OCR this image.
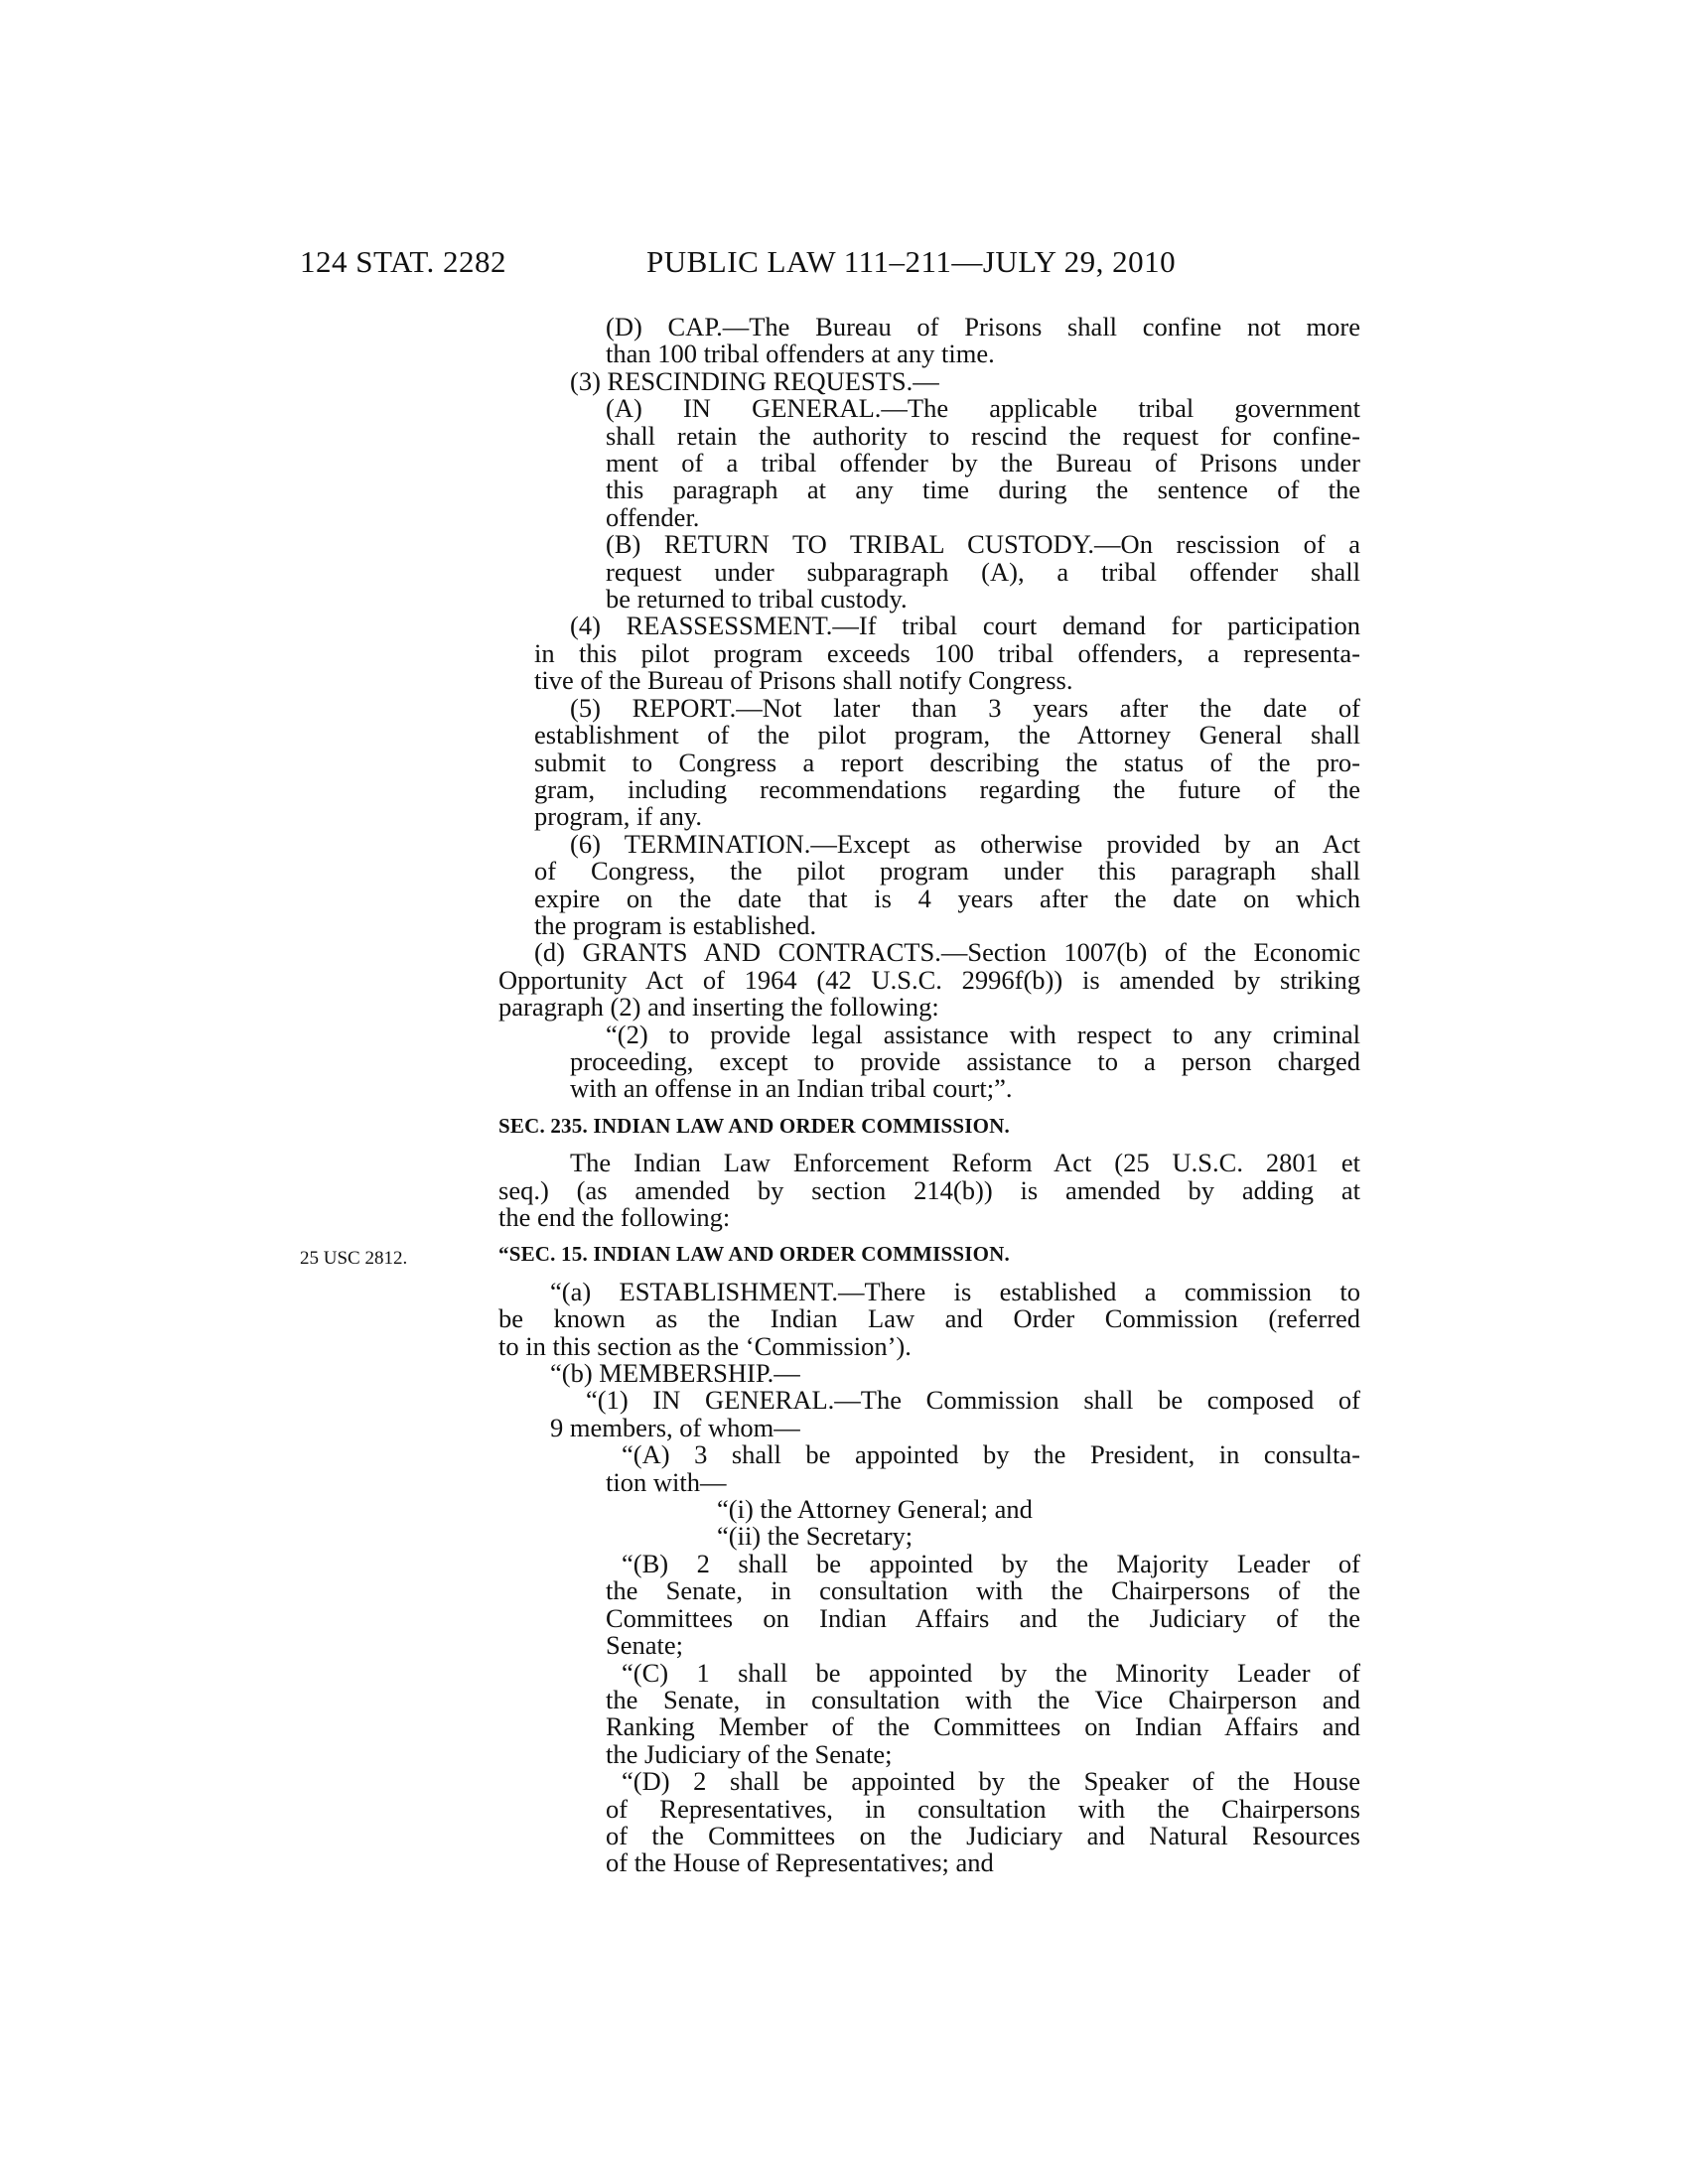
124 STAT. 2282	PUBLIC LAW 111–211—JULY 29, 2010
25 USC 2812.
(D) CAP.—The Bureau of Prisons shall confine not more
than 100 tribal offenders at any time.
(3) RESCINDING REQUESTS.—
(A) IN GENERAL.—The applicable tribal government
shall retain the authority to rescind the request for confine-
ment of a tribal offender by the Bureau of Prisons under
this paragraph at any time during the sentence of the
offender.
(B) RETURN TO TRIBAL CUSTODY.—On rescission of a
request under subparagraph (A), a tribal offender shall
be returned to tribal custody.
(4) REASSESSMENT.—If tribal court demand for participation
in this pilot program exceeds 100 tribal offenders, a representa-
tive of the Bureau of Prisons shall notify Congress.
(5) REPORT.—Not later than 3 years after the date of
establishment of the pilot program, the Attorney General shall
submit to Congress a report describing the status of the pro-
gram, including recommendations regarding the future of the
program, if any.
(6) TERMINATION.—Except as otherwise provided by an Act
of Congress, the pilot program under this paragraph shall
expire on the date that is 4 years after the date on which
the program is established.
(d) GRANTS AND CONTRACTS.—Section 1007(b) of the Economic
Opportunity Act of 1964 (42 U.S.C. 2996f(b)) is amended by striking
paragraph (2) and inserting the following:
“(2) to provide legal assistance with respect to any criminal
proceeding, except to provide assistance to a person charged
with an offense in an Indian tribal court;”.
SEC. 235. INDIAN LAW AND ORDER COMMISSION.
The Indian Law Enforcement Reform Act (25 U.S.C. 2801 et
seq.) (as amended by section 214(b)) is amended by adding at
the end the following:
“SEC. 15. INDIAN LAW AND ORDER COMMISSION.
“(a) ESTABLISHMENT.—There is established a commission to
be known as the Indian Law and Order Commission (referred
to in this section as the ‘Commission’).
“(b) MEMBERSHIP.—
“(1) IN GENERAL.—The Commission shall be composed of
9 members, of whom—
“(A) 3 shall be appointed by the President, in consulta-
tion with—
“(i) the Attorney General; and
“(ii) the Secretary;
“(B) 2 shall be appointed by the Majority Leader of
the Senate, in consultation with the Chairpersons of the
Committees on Indian Affairs and the Judiciary of the
Senate;
“(C) 1 shall be appointed by the Minority Leader of
the Senate, in consultation with the Vice Chairperson and
Ranking Member of the Committees on Indian Affairs and
the Judiciary of the Senate;
“(D) 2 shall be appointed by the Speaker of the House
of Representatives, in consultation with the Chairpersons
of the Committees on the Judiciary and Natural Resources
of the House of Representatives; and
